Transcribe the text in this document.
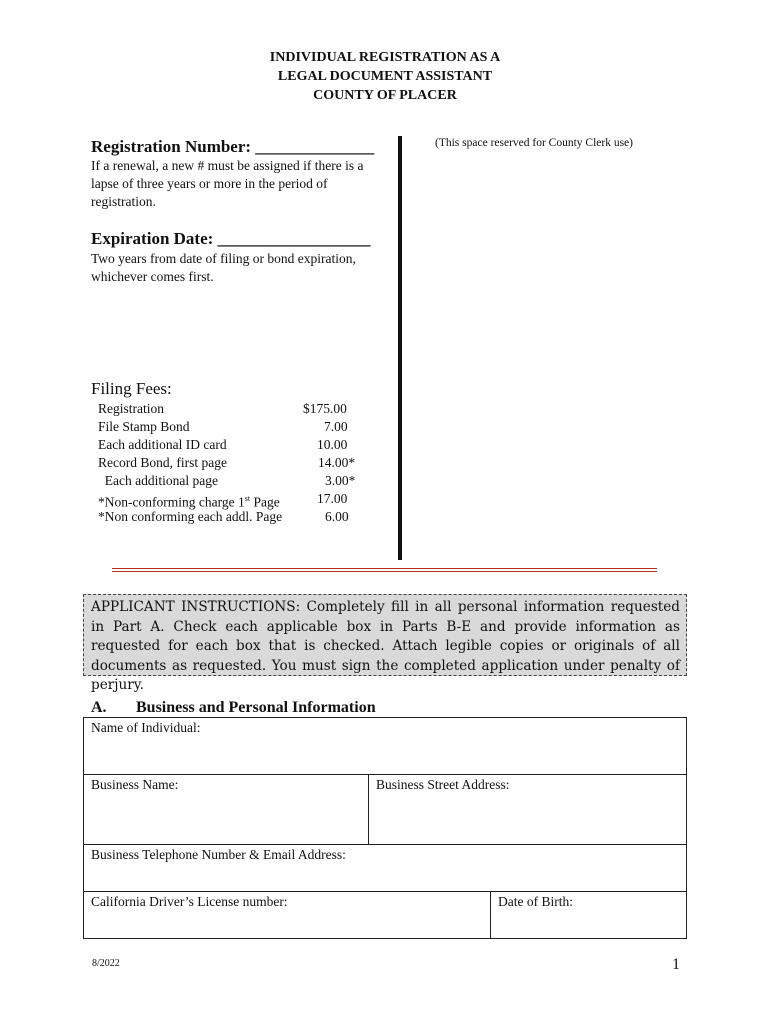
INDIVIDUAL REGISTRATION AS A
LEGAL DOCUMENT ASSISTANT
COUNTY OF PLACER
Registration Number: ______________
If a renewal, a new # must be assigned if there is a lapse of three years or more in the period of registration.
Expiration Date: __________________
Two years from date of filing or bond expiration, whichever comes first.
Filing Fees:
Registration	$175.00
File Stamp Bond	7.00
Each additional ID card	10.00
Record Bond, first page	14.00*
Each additional page	3.00*
*Non-conforming charge 1st Page	17.00
*Non conforming each addl. Page	6.00
(This space reserved for County Clerk use)
APPLICANT INSTRUCTIONS: Completely fill in all personal information requested in Part A. Check each applicable box in Parts B-E and provide information as requested for each box that is checked. Attach legible copies or originals of all documents as requested. You must sign the completed application under penalty of perjury.
A. Business and Personal Information
Name of Individual:
Business Name:	Business Street Address:
Business Telephone Number & Email Address:
California Driver’s License number:	Date of Birth:
8/2022	1
